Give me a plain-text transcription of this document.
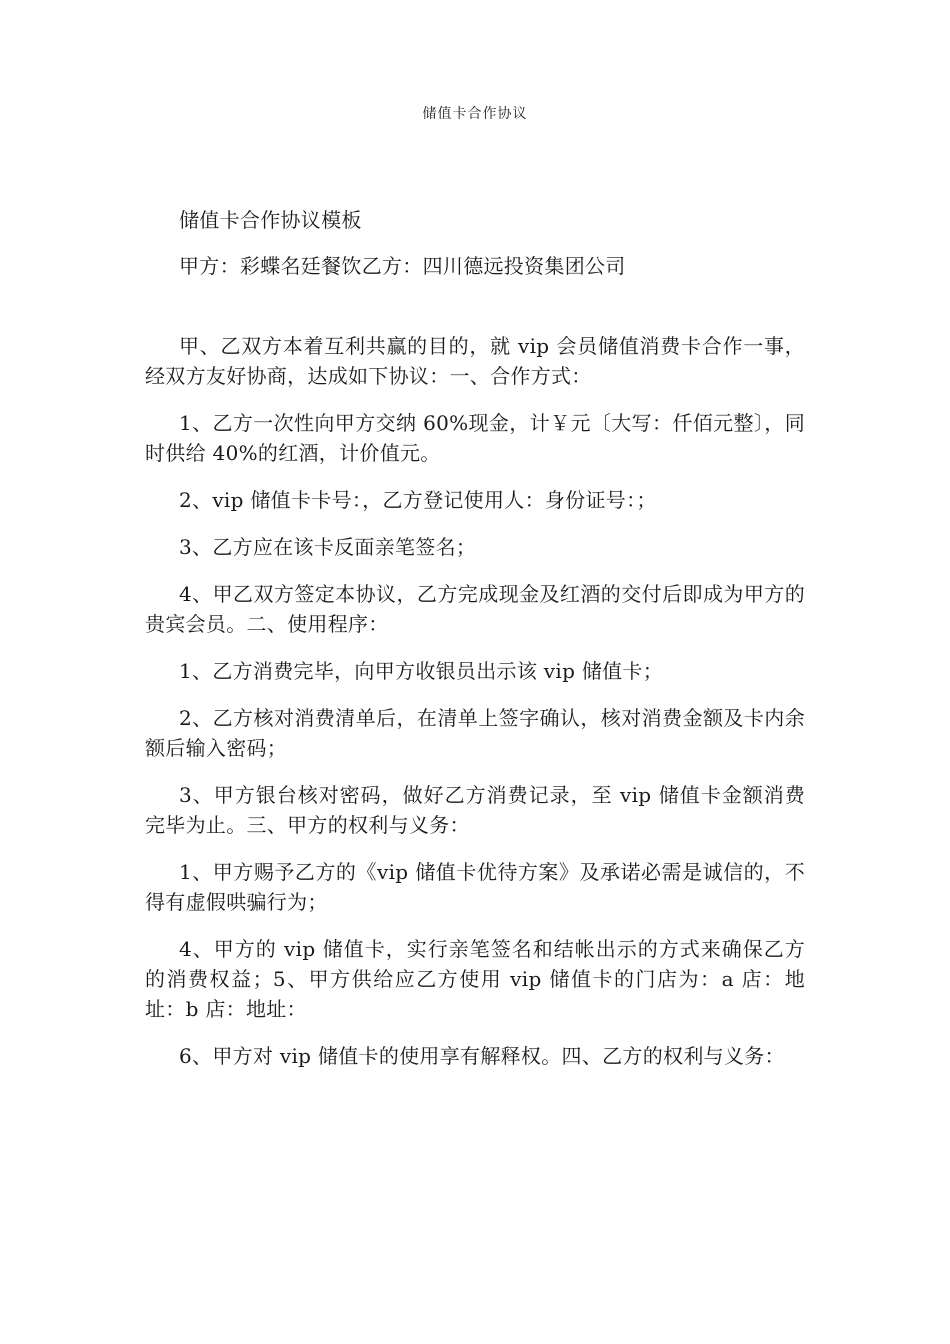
储值卡合作协议

储值卡合作协议模板

甲方：彩蝶名廷餐饮乙方：四川德远投资集团公司

甲、乙双方本着互利共赢的目的，就 vip 会员储值消费卡合作一事，经双方友好协商，达成如下协议：一、合作方式：

1、乙方一次性向甲方交纳 60%现金，计￥元〔大写：仟佰元整〕，同时供给 40%的红酒，计价值元。

2、vip 储值卡卡号：，乙方登记使用人：身份证号：；

3、乙方应在该卡反面亲笔签名；

4、甲乙双方签定本协议，乙方完成现金及红酒的交付后即成为甲方的贵宾会员。二、使用程序：

1、乙方消费完毕，向甲方收银员出示该 vip 储值卡；

2、乙方核对消费清单后，在清单上签字确认，核对消费金额及卡内余额后输入密码；

3、甲方银台核对密码，做好乙方消费记录，至 vip 储值卡金额消费完毕为止。三、甲方的权利与义务：

1、甲方赐予乙方的《vip 储值卡优待方案》及承诺必需是诚信的，不得有虚假哄骗行为；

4、甲方的 vip 储值卡，实行亲笔签名和结帐出示的方式来确保乙方的消费权益；5、甲方供给应乙方使用 vip 储值卡的门店为：a 店：地址：b 店：地址：

6、甲方对 vip 储值卡的使用享有解释权。四、乙方的权利与义务：
